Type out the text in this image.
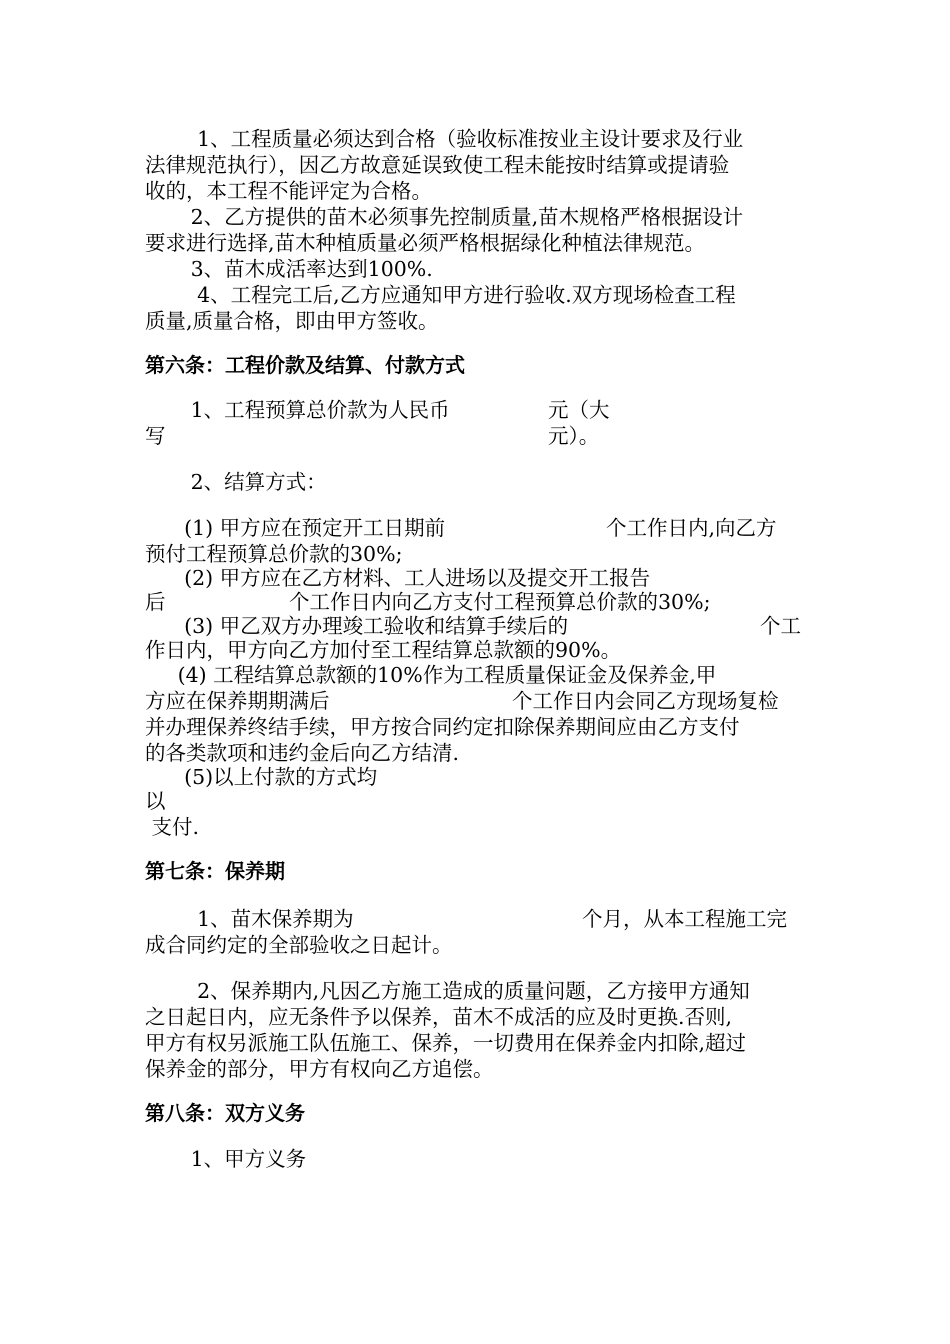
1、工程质量必须达到合格（验收标准按业主设计要求及行业
法律规范执行），因乙方故意延误致使工程未能按时结算或提请验
收的，本工程不能评定为合格。
2、乙方提供的苗木必须事先控制质量,苗木规格严格根据设计
要求进行选择,苗木种植质量必须严格根据绿化种植法律规范。
3、苗木成活率达到100%.
4、工程完工后,乙方应通知甲方进行验收.双方现场检查工程
质量,质量合格，即由甲方签收。
第六条：工程价款及结算、付款方式
1、工程预算总价款为人民币	元（大
写	元）。
2、结算方式：
(1) 甲方应在预定开工日期前	个工作日内,向乙方
预付工程预算总价款的30%;
(2) 甲方应在乙方材料、工人进场以及提交开工报告
后	个工作日内向乙方支付工程预算总价款的30%;
(3) 甲乙双方办理竣工验收和结算手续后的	个工
作日内，甲方向乙方加付至工程结算总款额的90%。
(4) 工程结算总款额的10%作为工程质量保证金及保养金,甲
方应在保养期期满后	个工作日内会同乙方现场复检
并办理保养终结手续，甲方按合同约定扣除保养期间应由乙方支付
的各类款项和违约金后向乙方结清.
(5)以上付款的方式均
以
支付.
第七条：保养期
1、苗木保养期为	个月，从本工程施工完
成合同约定的全部验收之日起计。
2、保养期内,凡因乙方施工造成的质量问题，乙方接甲方通知
之日起日内，应无条件予以保养，苗木不成活的应及时更换.否则,
甲方有权另派施工队伍施工、保养，一切费用在保养金内扣除,超过
保养金的部分，甲方有权向乙方追偿。
第八条：双方义务
1、甲方义务
